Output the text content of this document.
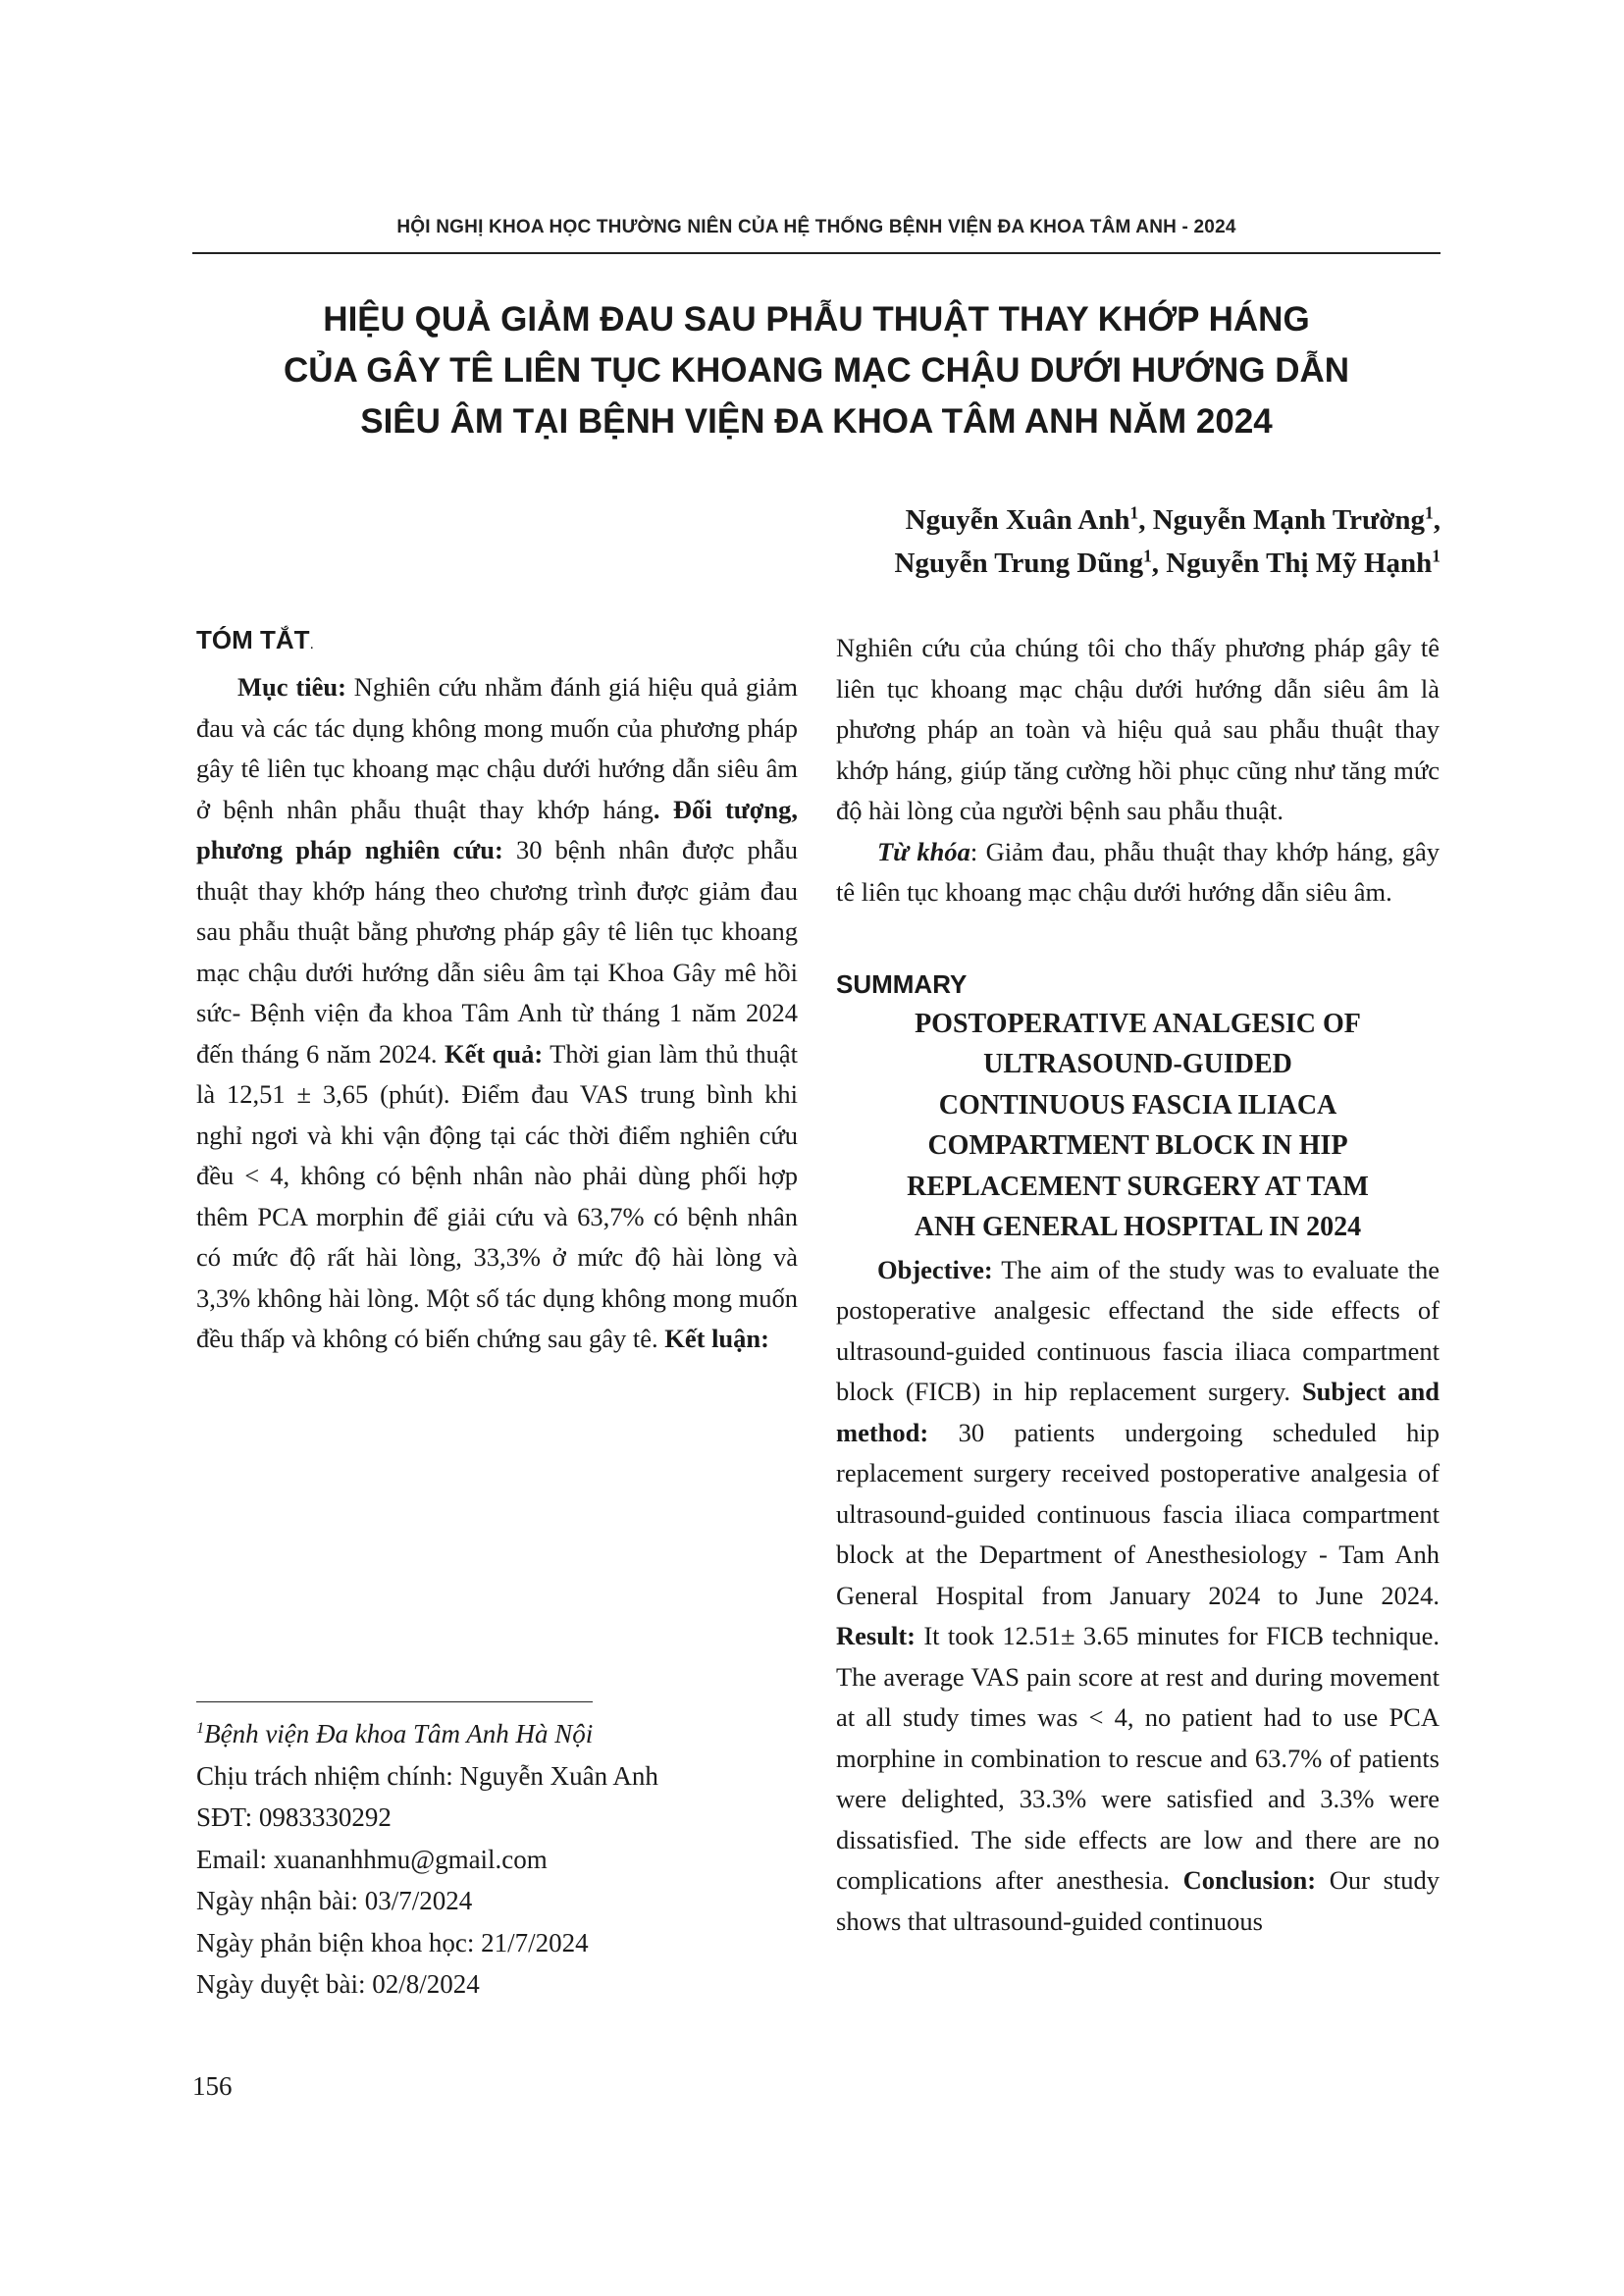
HỘI NGHỊ KHOA HỌC THƯỜNG NIÊN CỦA HỆ THỐNG BỆNH VIỆN ĐA KHOA TÂM ANH - 2024
HIỆU QUẢ GIẢM ĐAU SAU PHẪU THUẬT THAY KHỚP HÁNG
CỦA GÂY TÊ LIÊN TỤC KHOANG MẠC CHẬU DƯỚI HƯỚNG DẪN
SIÊU ÂM TẠI BỆNH VIỆN ĐA KHOA TÂM ANH NĂM 2024
Nguyễn Xuân Anh$^1$, Nguyễn Mạnh Trường$^1$,
Nguyễn Trung Dũng$^1$, Nguyễn Thị Mỹ Hạnh$^1$
TÓM TẮT.

Mục tiêu: Nghiên cứu nhằm đánh giá hiệu quả giảm đau và các tác dụng không mong muốn của phương pháp gây tê liên tục khoang mạc chậu dưới hướng dẫn siêu âm ở bệnh nhân phẫu thuật thay khớp háng. Đối tượng, phương pháp nghiên cứu: 30 bệnh nhân được phẫu thuật thay khớp háng theo chương trình được giảm đau sau phẫu thuật bằng phương pháp gây tê liên tục khoang mạc chậu dưới hướng dẫn siêu âm tại Khoa Gây mê hồi sức- Bệnh viện đa khoa Tâm Anh từ tháng 1 năm 2024 đến tháng 6 năm 2024. Kết quả: Thời gian làm thủ thuật là 12,51 ± 3,65 (phút). Điểm đau VAS trung bình khi nghỉ ngơi và khi vận động tại các thời điểm nghiên cứu đều < 4, không có bệnh nhân nào phải dùng phối hợp thêm PCA morphin để giải cứu và 63,7% có bệnh nhân có mức độ rất hài lòng, 33,3% ở mức độ hài lòng và 3,3% không hài lòng. Một số tác dụng không mong muốn đều thấp và không có biến chứng sau gây tê. Kết luận:

Nghiên cứu của chúng tôi cho thấy phương pháp gây tê liên tục khoang mạc chậu dưới hướng dẫn siêu âm là phương pháp an toàn và hiệu quả sau phẫu thuật thay khớp háng, giúp tăng cường hồi phục cũng như tăng mức độ hài lòng của người bệnh sau phẫu thuật.

Từ khóa: Giảm đau, phẫu thuật thay khớp háng, gây tê liên tục khoang mạc chậu dưới hướng dẫn siêu âm.

SUMMARY
POSTOPERATIVE ANALGESIC OF
ULTRASOUND-GUIDED
CONTINUOUS FASCIA ILIACA
COMPARTMENT BLOCK IN HIP
REPLACEMENT SURGERY AT TAM
ANH GENERAL HOSPITAL IN 2024

Objective: The aim of the study was to evaluate the postoperative analgesic effectand the side effects of ultrasound-guided continuous fascia iliaca compartment block (FICB) in hip replacement surgery. Subject and method: 30 patients undergoing scheduled hip replacement surgery received postoperative analgesia of ultrasound-guided continuous fascia iliaca compartment block at the Department of Anesthesiology - Tam Anh General Hospital from January 2024 to June 2024. Result: It took 12.51± 3.65 minutes for FICB technique. The average VAS pain score at rest and during movement at all study times was < 4, no patient had to use PCA morphine in combination to rescue and 63.7% of patients were delighted, 33.3% were satisfied and 3.3% were dissatisfied. The side effects are low and there are no complications after anesthesia. Conclusion: Our study shows that ultrasound-guided continuous

$^1$Bệnh viện Đa khoa Tâm Anh Hà Nội
Chịu trách nhiệm chính: Nguyễn Xuân Anh
SĐT: 0983330292
Email: xuananhhmu@gmail.com
Ngày nhận bài: 03/7/2024
Ngày phản biện khoa học: 21/7/2024
Ngày duyệt bài: 02/8/2024
156
